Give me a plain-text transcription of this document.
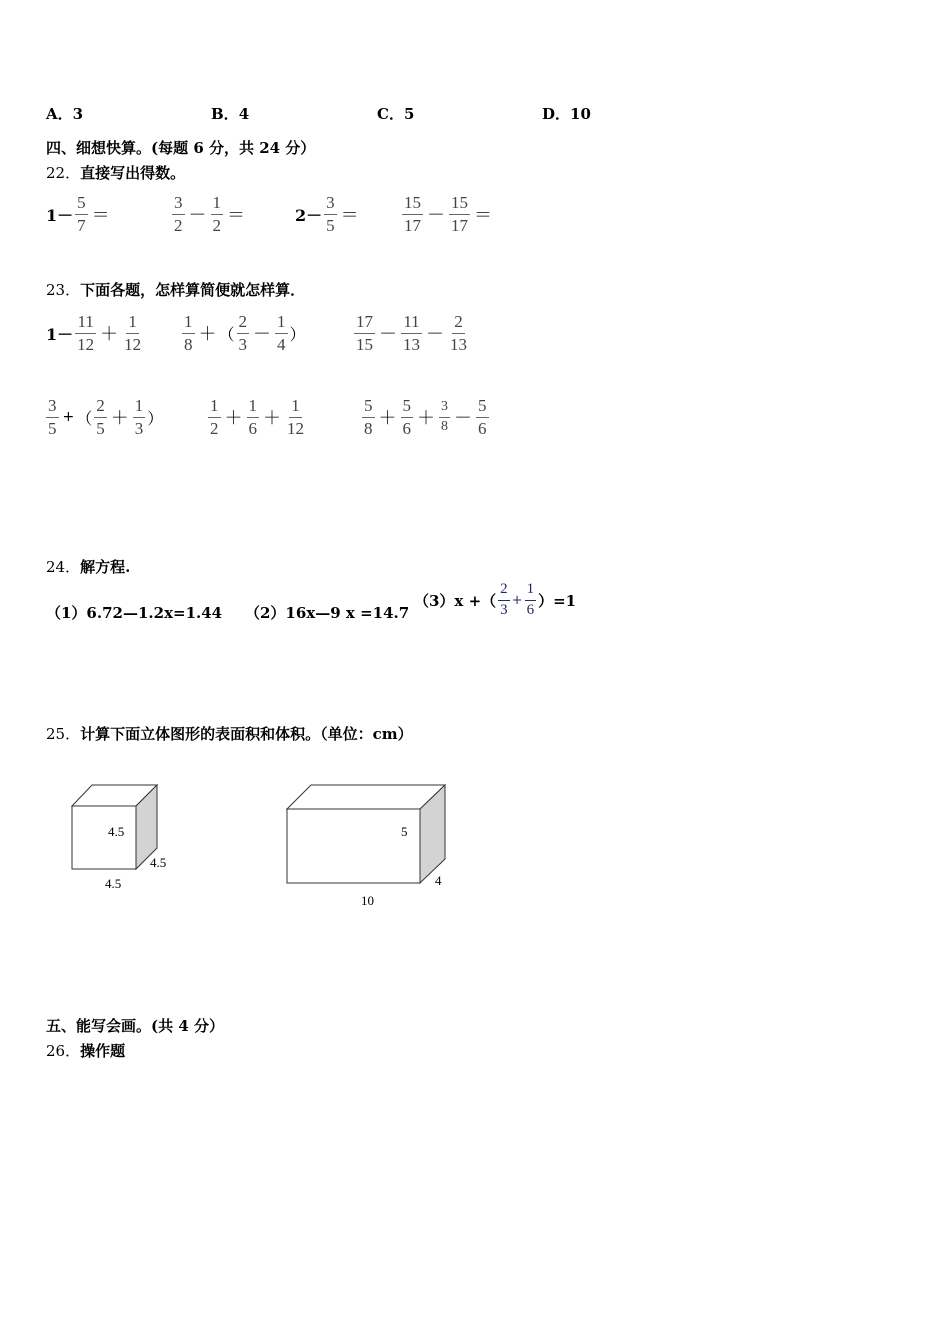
A．3	B．4	C．5	D．10
四、细想快算。(每题 6 分，共 24 分）
22．直接写出得数。
$1- \frac{5}{7}$ ＝	$\frac{3}{2} - \frac{1}{2}$ ＝	$2- \frac{3}{5}$ ＝	$\frac{15}{17} - \frac{15}{17}$ ＝
23．下面各题，怎样算简便就怎样算．
$1- \frac{11}{12} + \frac{1}{12} \frac{1}{8}$ ＋ （ $\frac{2}{3} - \frac{1}{4}$ ）	$\frac{17}{15} - \frac{11}{13} - \frac{2}{13}$
$\frac{3}{5}$ + （ $\frac{2}{5} + \frac{1}{3}$ ）	$\frac{1}{2} + \frac{1}{6} + \frac{1}{12}$	$\frac{5}{8} + \frac{5}{6} + \frac{3}{8} - \frac{5}{6}$
24．解方程.
（1）6.72—1.2x=1.44 （2）16x—9 x =14.7
（3）x +（ $\frac{2}{3} + \frac{1}{6} )=1$
25．计算下面立体图形的表面积和体积。（单位：cm）
4.5
4.5
4.5
5
4
10
五、能写会画。(共 4 分）
26．操作题
